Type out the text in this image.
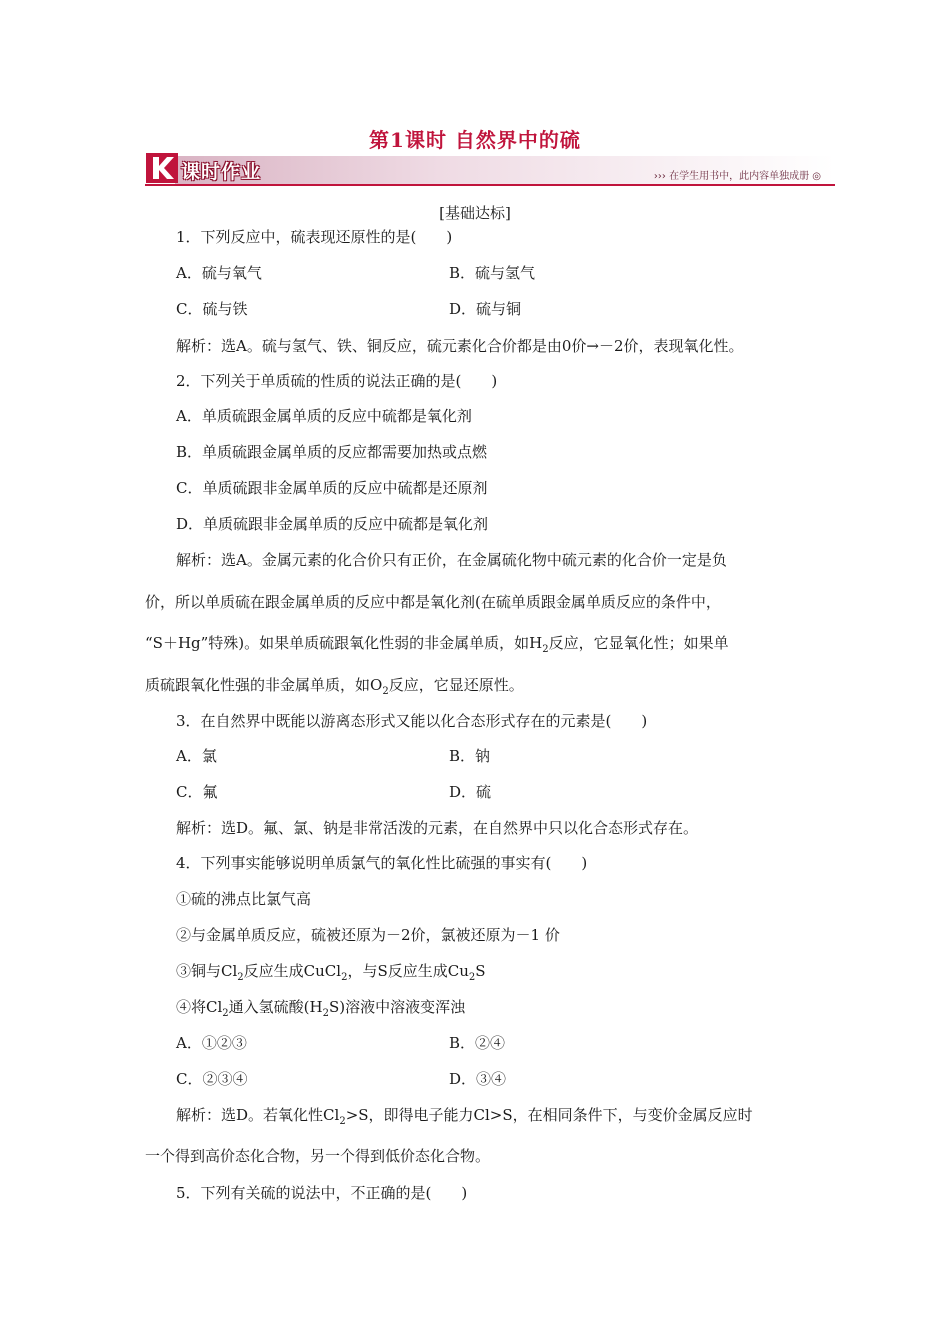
第1课时 自然界中的硫
课时作业	››› 在学生用书中，此内容单独成册 ◎
[基础达标]
1．下列反应中，硫表现还原性的是(　　)
A．硫与氧气	B．硫与氢气
C．硫与铁	D．硫与铜
解析：选A。硫与氢气、铁、铜反应，硫元素化合价都是由0价→－2价，表现氧化性。
2．下列关于单质硫的性质的说法正确的是(　　)
A．单质硫跟金属单质的反应中硫都是氧化剂
B．单质硫跟金属单质的反应都需要加热或点燃
C．单质硫跟非金属单质的反应中硫都是还原剂
D．单质硫跟非金属单质的反应中硫都是氧化剂
解析：选A。金属元素的化合价只有正价，在金属硫化物中硫元素的化合价一定是负
价，所以单质硫在跟金属单质的反应中都是氧化剂(在硫单质跟金属单质反应的条件中，
“S＋Hg”特殊)。如果单质硫跟氧化性弱的非金属单质，如$H_2$反应，它显氧化性；如果单
质硫跟氧化性强的非金属单质，如$O_2$反应，它显还原性。
3．在自然界中既能以游离态形式又能以化合态形式存在的元素是(　　)
A．氯	B．钠
C．氟	D．硫
解析：选D。氟、氯、钠是非常活泼的元素，在自然界中只以化合态形式存在。
4．下列事实能够说明单质氯气的氧化性比硫强的事实有(　　)
①硫的沸点比氯气高
②与金属单质反应，硫被还原为－2价，氯被还原为－1 价
③铜与$Cl_2$反应生成CuCl$_2$，与S反应生成$Cu_2S$
④将$Cl_2$通入氢硫酸$(H_2S)$溶液中溶液变浑浊
A．①②③	B．②④
C．②③④	D．③④
解析：选D。若氧化性$Cl_2>S$，即得电子能力Cl>S，在相同条件下，与变价金属反应时
一个得到高价态化合物，另一个得到低价态化合物。
5．下列有关硫的说法中，不正确的是(　　)
